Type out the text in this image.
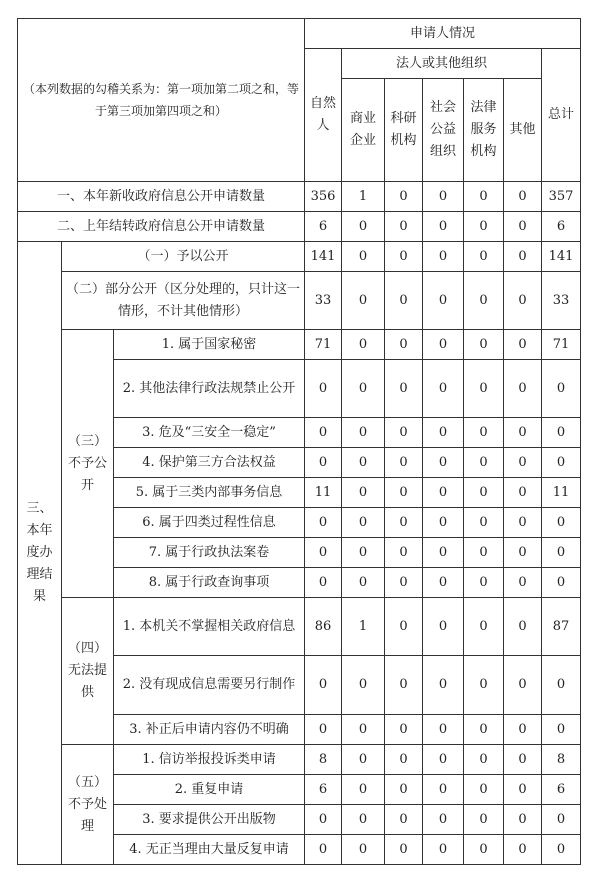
（本列数据的勾稽关系为：第一项加第二项之和，等于第三项加第四项之和）			申请人情况						
			自然人	法人或其他组织					总计
				商业企业	科研机构	社会公益组织	法律服务机构	其他	
一、本年新收政府信息公开申请数量			356	1	0	0	0	0	357
二、上年结转政府信息公开申请数量			6	0	0	0	0	0	6
三、本年度办理结果	（一）予以公开		141	0	0	0	0	0	141
	（二）部分公开（区分处理的，只计这一情形，不计其他情形）		33	0	0	0	0	0	33
	（三）不予公开	1. 属于国家秘密	71	0	0	0	0	0	71
		2. 其他法律行政法规禁止公开	0	0	0	0	0	0	0
		3. 危及“三安全一稳定”	0	0	0	0	0	0	0
		4. 保护第三方合法权益	0	0	0	0	0	0	0
		5. 属于三类内部事务信息	11	0	0	0	0	0	11
		6. 属于四类过程性信息	0	0	0	0	0	0	0
		7. 属于行政执法案卷	0	0	0	0	0	0	0
		8. 属于行政查询事项	0	0	0	0	0	0	0
	（四）无法提供	1. 本机关不掌握相关政府信息	86	1	0	0	0	0	87
		2. 没有现成信息需要另行制作	0	0	0	0	0	0	0
		3. 补正后申请内容仍不明确	0	0	0	0	0	0	0
	（五）不予处理	1. 信访举报投诉类申请	8	0	0	0	0	0	8
		2. 重复申请	6	0	0	0	0	0	6
		3. 要求提供公开出版物	0	0	0	0	0	0	0
		4. 无正当理由大量反复申请	0	0	0	0	0	0	0
